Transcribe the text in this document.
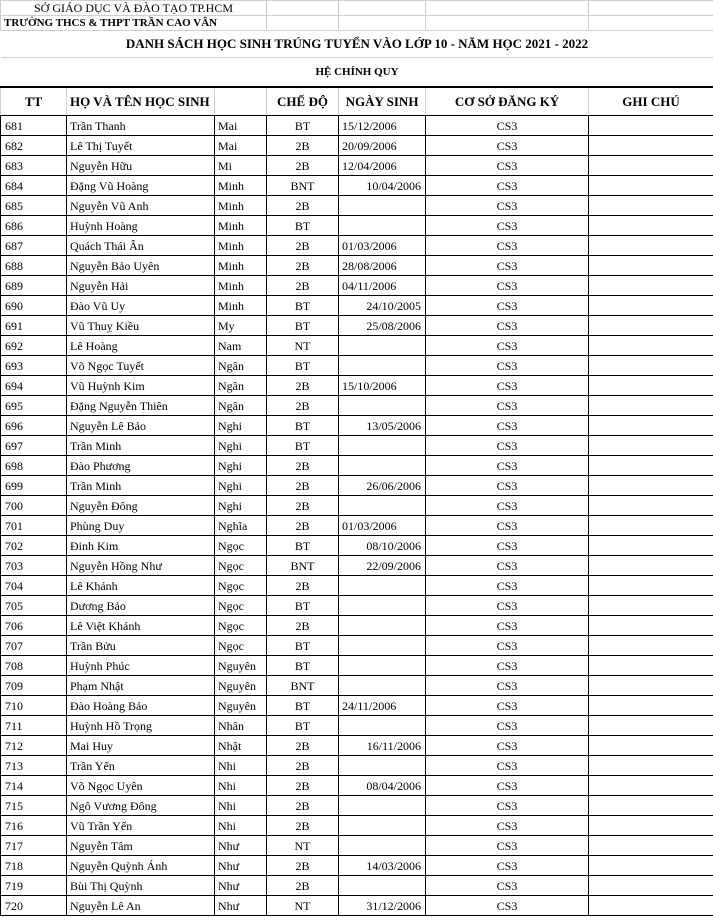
SỞ GIÁO DỤC VÀ ĐÀO TẠO TP.HCM						
TRƯỜNG THCS & THPT TRẦN CAO VÂN						
DANH SÁCH HỌC SINH TRÚNG TUYỂN VÀO LỚP 10 - NĂM HỌC 2021 - 2022						
HỆ CHÍNH QUY						
TT	HỌ VÀ TÊN HỌC SINH		CHẾ ĐỘ	NGÀY SINH	CƠ SỞ ĐĂNG KÝ	GHI CHÚ
681	Trần Thanh	Mai	BT	15/12/2006	CS3	
682	Lê Thị Tuyết	Mai	2B	20/09/2006	CS3	
683	Nguyễn Hữu	Mi	2B	12/04/2006	CS3	
684	Đặng Vũ Hoàng	Minh	BNT	10/04/2006	CS3	
685	Nguyễn Vũ Anh	Minh	2B		CS3	
686	Huỳnh Hoàng	Minh	BT		CS3	
687	Quách Thái Ân	Minh	2B	01/03/2006	CS3	
688	Nguyễn Bảo Uyên	Minh	2B	28/08/2006	CS3	
689	Nguyễn Hải	Minh	2B	04/11/2006	CS3	
690	Đào Vũ Uy	Minh	BT	24/10/2005	CS3	
691	Vũ Thuỵ Kiều	My	BT	25/08/2006	CS3	
692	Lê Hoàng	Nam	NT		CS3	
693	Võ Ngọc Tuyết	Ngân	BT		CS3	
694	Vũ Huỳnh Kim	Ngân	2B	15/10/2006	CS3	
695	Đặng Nguyễn Thiên	Ngân	2B		CS3	
696	Nguyễn Lê Bảo	Nghi	BT	13/05/2006	CS3	
697	Trần Minh	Nghi	BT		CS3	
698	Đào Phương	Nghi	2B		CS3	
699	Trần Minh	Nghi	2B	26/06/2006	CS3	
700	Nguyễn Đông	Nghi	2B		CS3	
701	Phùng Duy	Nghĩa	2B	01/03/2006	CS3	
702	Đinh Kim	Ngọc	BT	08/10/2006	CS3	
703	Nguyễn Hồng Như	Ngọc	BNT	22/09/2006	CS3	
704	Lê Khánh	Ngọc	2B		CS3	
705	Dương Bảo	Ngọc	BT		CS3	
706	Lê Việt Khánh	Ngọc	2B		CS3	
707	Trần Bửu	Ngọc	BT		CS3	
708	Huỳnh Phúc	Nguyên	BT		CS3	
709	Phạm Nhật	Nguyên	BNT		CS3	
710	Đào Hoàng Bảo	Nguyên	BT	24/11/2006	CS3	
711	Huỳnh Hồ Trọng	Nhân	BT		CS3	
712	Mai Huy	Nhật	2B	16/11/2006	CS3	
713	Trần Yến	Nhi	2B		CS3	
714	Võ Ngọc Uyên	Nhi	2B	08/04/2006	CS3	
715	Ngô Vương Đông	Nhi	2B		CS3	
716	Vũ Trần Yến	Nhi	2B		CS3	
717	Nguyễn Tâm	Như	NT		CS3	
718	Nguyễn Quỳnh Ánh	Như	2B	14/03/2006	CS3	
719	Bùi Thị Quỳnh	Như	2B		CS3	
720	Nguyễn Lê An	Như	NT	31/12/2006	CS3	
